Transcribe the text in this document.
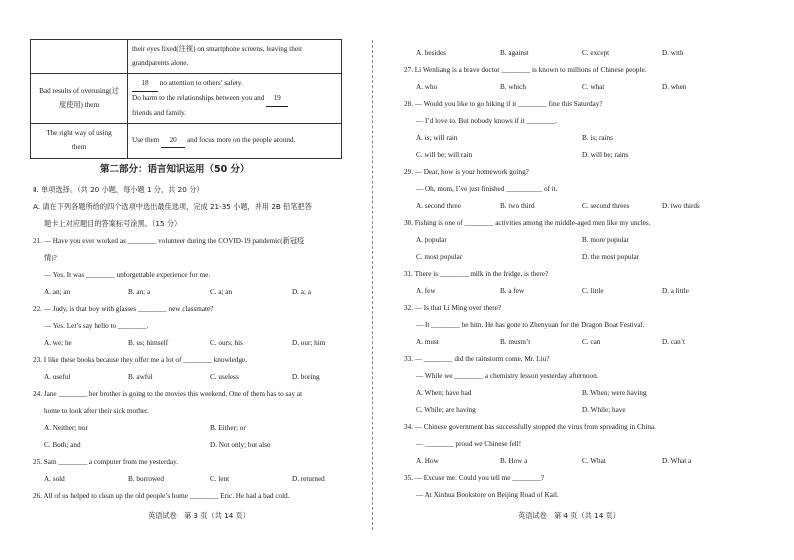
	their eyes fixed(注视) on smartphone screens, leaving their
grandparents alone.
Bad results of overusing(过
度使用) them	18 no attention to others’ safety.
Do harm to the relationships between you and 19
friends and family.
The right way of using
them	Use them 20 and focus more on the people around.
第二部分：语言知识运用（50 分）
Ⅱ. 单项选择。（共 20 小题，每小题 1 分，共 20 分）
A. 请在下列各题所给的四个选项中选出最佳选项，完成 21-35 小题，并用 2B 铅笔把答
题卡上对应题目的答案标号涂黑。（15 分）
21. — Have you ever worked as ________ volunteer during the COVID-19 pandemic(新冠疫
情)?
— Yes. It was ________ unforgettable experience for me.
A. an; an	B. an; a	C. a; an	D. a; a
22. — Judy, is that boy with glasses ________ new classmate?
— Yes. Let’s say hello to ________.
A. we; he	B. us; himself	C. ours; his	D. our; him
23. I like these books because they offer me a lot of ________ knowledge.
A. useful	B. awful	C. useless	D. boring
24. Jane ________ her brother is going to the movies this weekend. One of them has to say at
home to look after their sick mother.
A. Neither; nor	B. Either; or
C. Both; and	D. Not only; but also
25. Sam ________ a computer from me yesterday.
A. sold	B. borrowed	C. lent	D. returned
26. All of us helped to clean up the old people’s home ________ Eric. He had a bad cold.
英语试卷　第 3 页（共 14 页）
A. besides	B. against	C. except	D. with
27. Li Wenliang is a brave doctor ________ is known to millions of Chinese people.
A. who	B. which	C. what	D. when
28. — Would you like to go hiking if it ________ fine this Saturday?
— I’d love to. But nobody knows if it ________.
A. is; will rain	B. is; rains
C. will be; will rain	D. will be; rains
29. — Dear, how is your homework going?
— Oh, mom, I’ve just finished __________ of it.
A. second three	B. two third	C. second threes	D. two thirds
30. Fishing is one of ________ activities among the middle-aged men like my uncles.
A. popular	B. more popular
C. most popular	D. the most popular
31. There is ________ milk in the fridge, is there?
A. few	B. a few	C. little	D. a little
32. — Is that Li Ming over there?
— It ________ be him. He has gone to Zhenyuan for the Dragon Boat Festival.
A. must	B. mustn’t	C. can	D. can’t
33. — ________ did the rainstorm come, Mr. Liu?
— While we ________ a chemistry lesson yesterday afternoon.
A. When; have had	B. When; were having
C. While; are having	D. While; have
34. — Chinese government has successfully stopped the virus from spreading in China.
— ________ proud we Chinese fell!
A. How	B. How a	C. What	D. What a
35. — Excuse me. Could you tell me ________?
— At Xinhua Bookstore on Beijing Road of Kail.
英语试卷　第 4 页（共 14 页）
